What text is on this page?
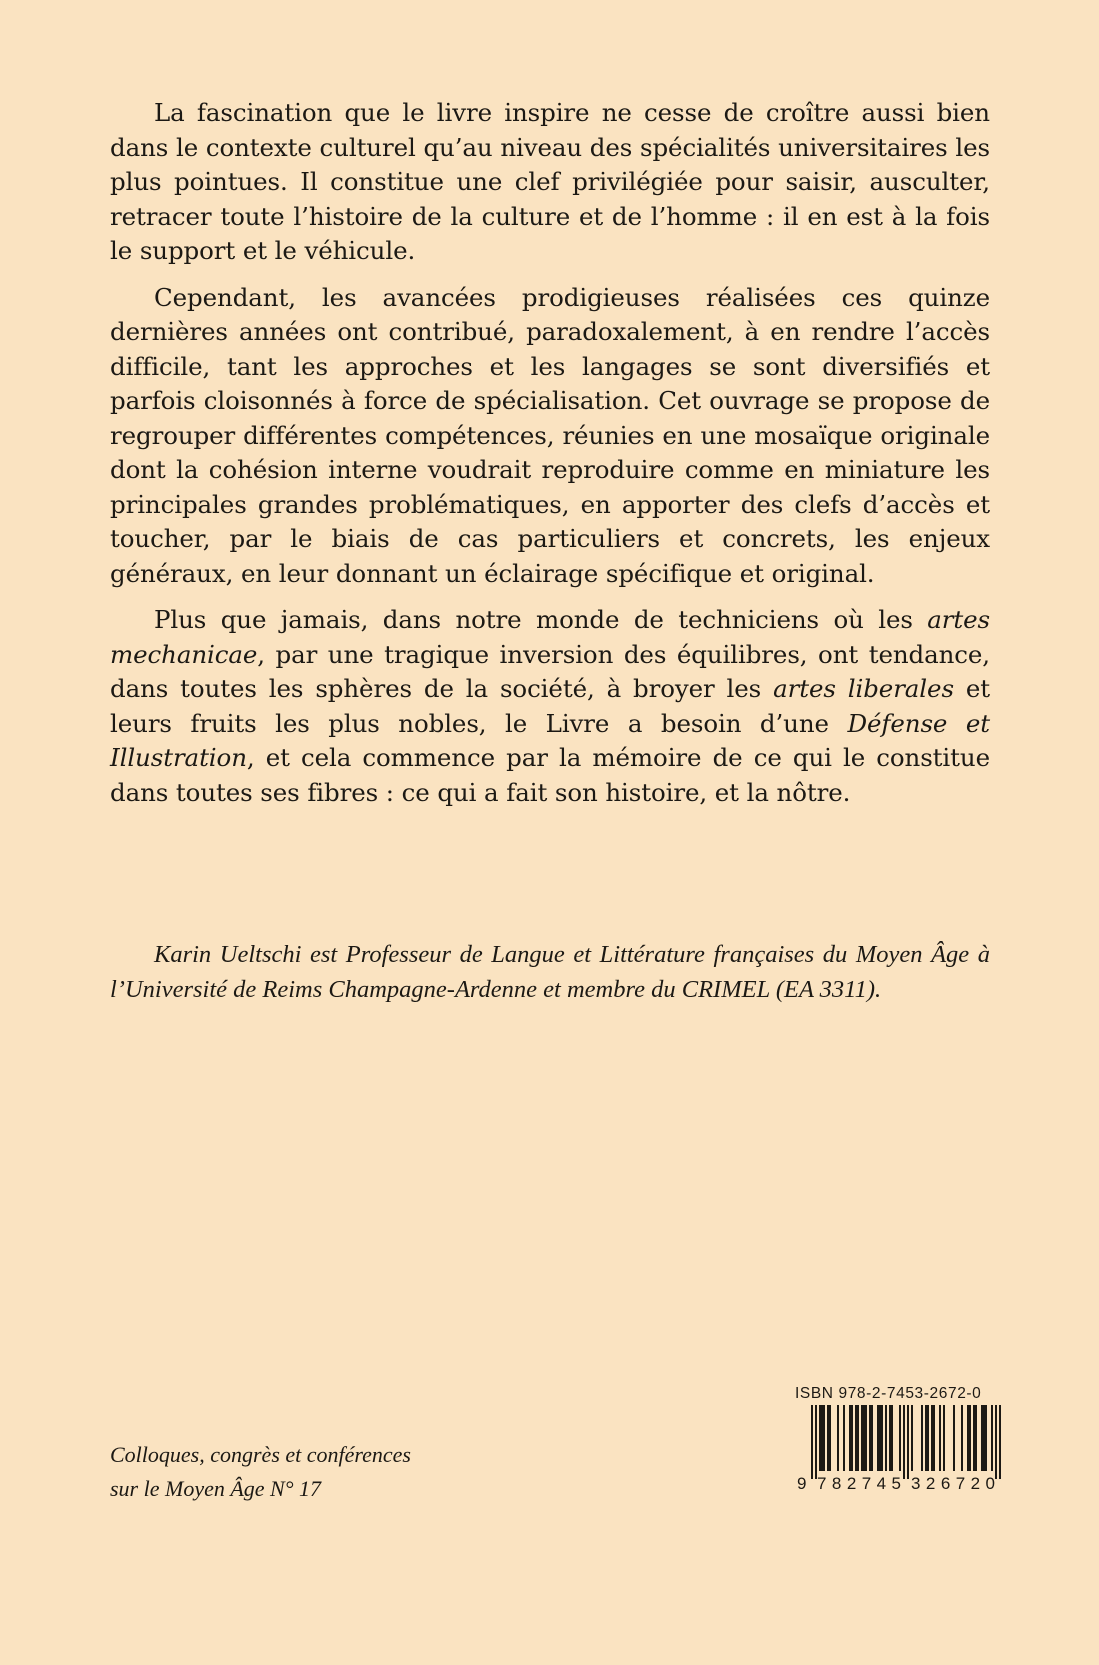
La fascination que le livre inspire ne cesse de croître aussi bien dans le contexte culturel qu’au niveau des spécialités universitaires les plus pointues. Il constitue une clef privilégiée pour saisir, ausculter, retracer toute l’histoire de la culture et de l’homme : il en est à la fois le support et le véhicule.

Cependant, les avancées prodigieuses réalisées ces quinze dernières années ont contribué, paradoxalement, à en rendre l’accès difficile, tant les approches et les langages se sont diversifiés et parfois cloisonnés à force de spécialisation. Cet ouvrage se propose de regrouper différentes compétences, réunies en une mosaïque originale dont la cohésion interne voudrait reproduire comme en miniature les principales grandes problématiques, en apporter des clefs d’accès et toucher, par le biais de cas particuliers et concrets, les enjeux généraux, en leur donnant un éclairage spécifique et original.

Plus que jamais, dans notre monde de techniciens où les artes mechanicae, par une tragique inversion des équilibres, ont tendance, dans toutes les sphères de la société, à broyer les artes liberales et leurs fruits les plus nobles, le Livre a besoin d’une Défense et Illustration, et cela commence par la mémoire de ce qui le constitue dans toutes ses fibres : ce qui a fait son histoire, et la nôtre.

Karin Ueltschi est Professeur de Langue et Littérature françaises du Moyen Âge à l’Université de Reims Champagne-Ardenne et membre du CRIMEL (EA 3311).

Colloques, congrès et conférences
sur le Moyen Âge N° 17
ISBN 978-2-7453-2672-0
9 782745 326720
